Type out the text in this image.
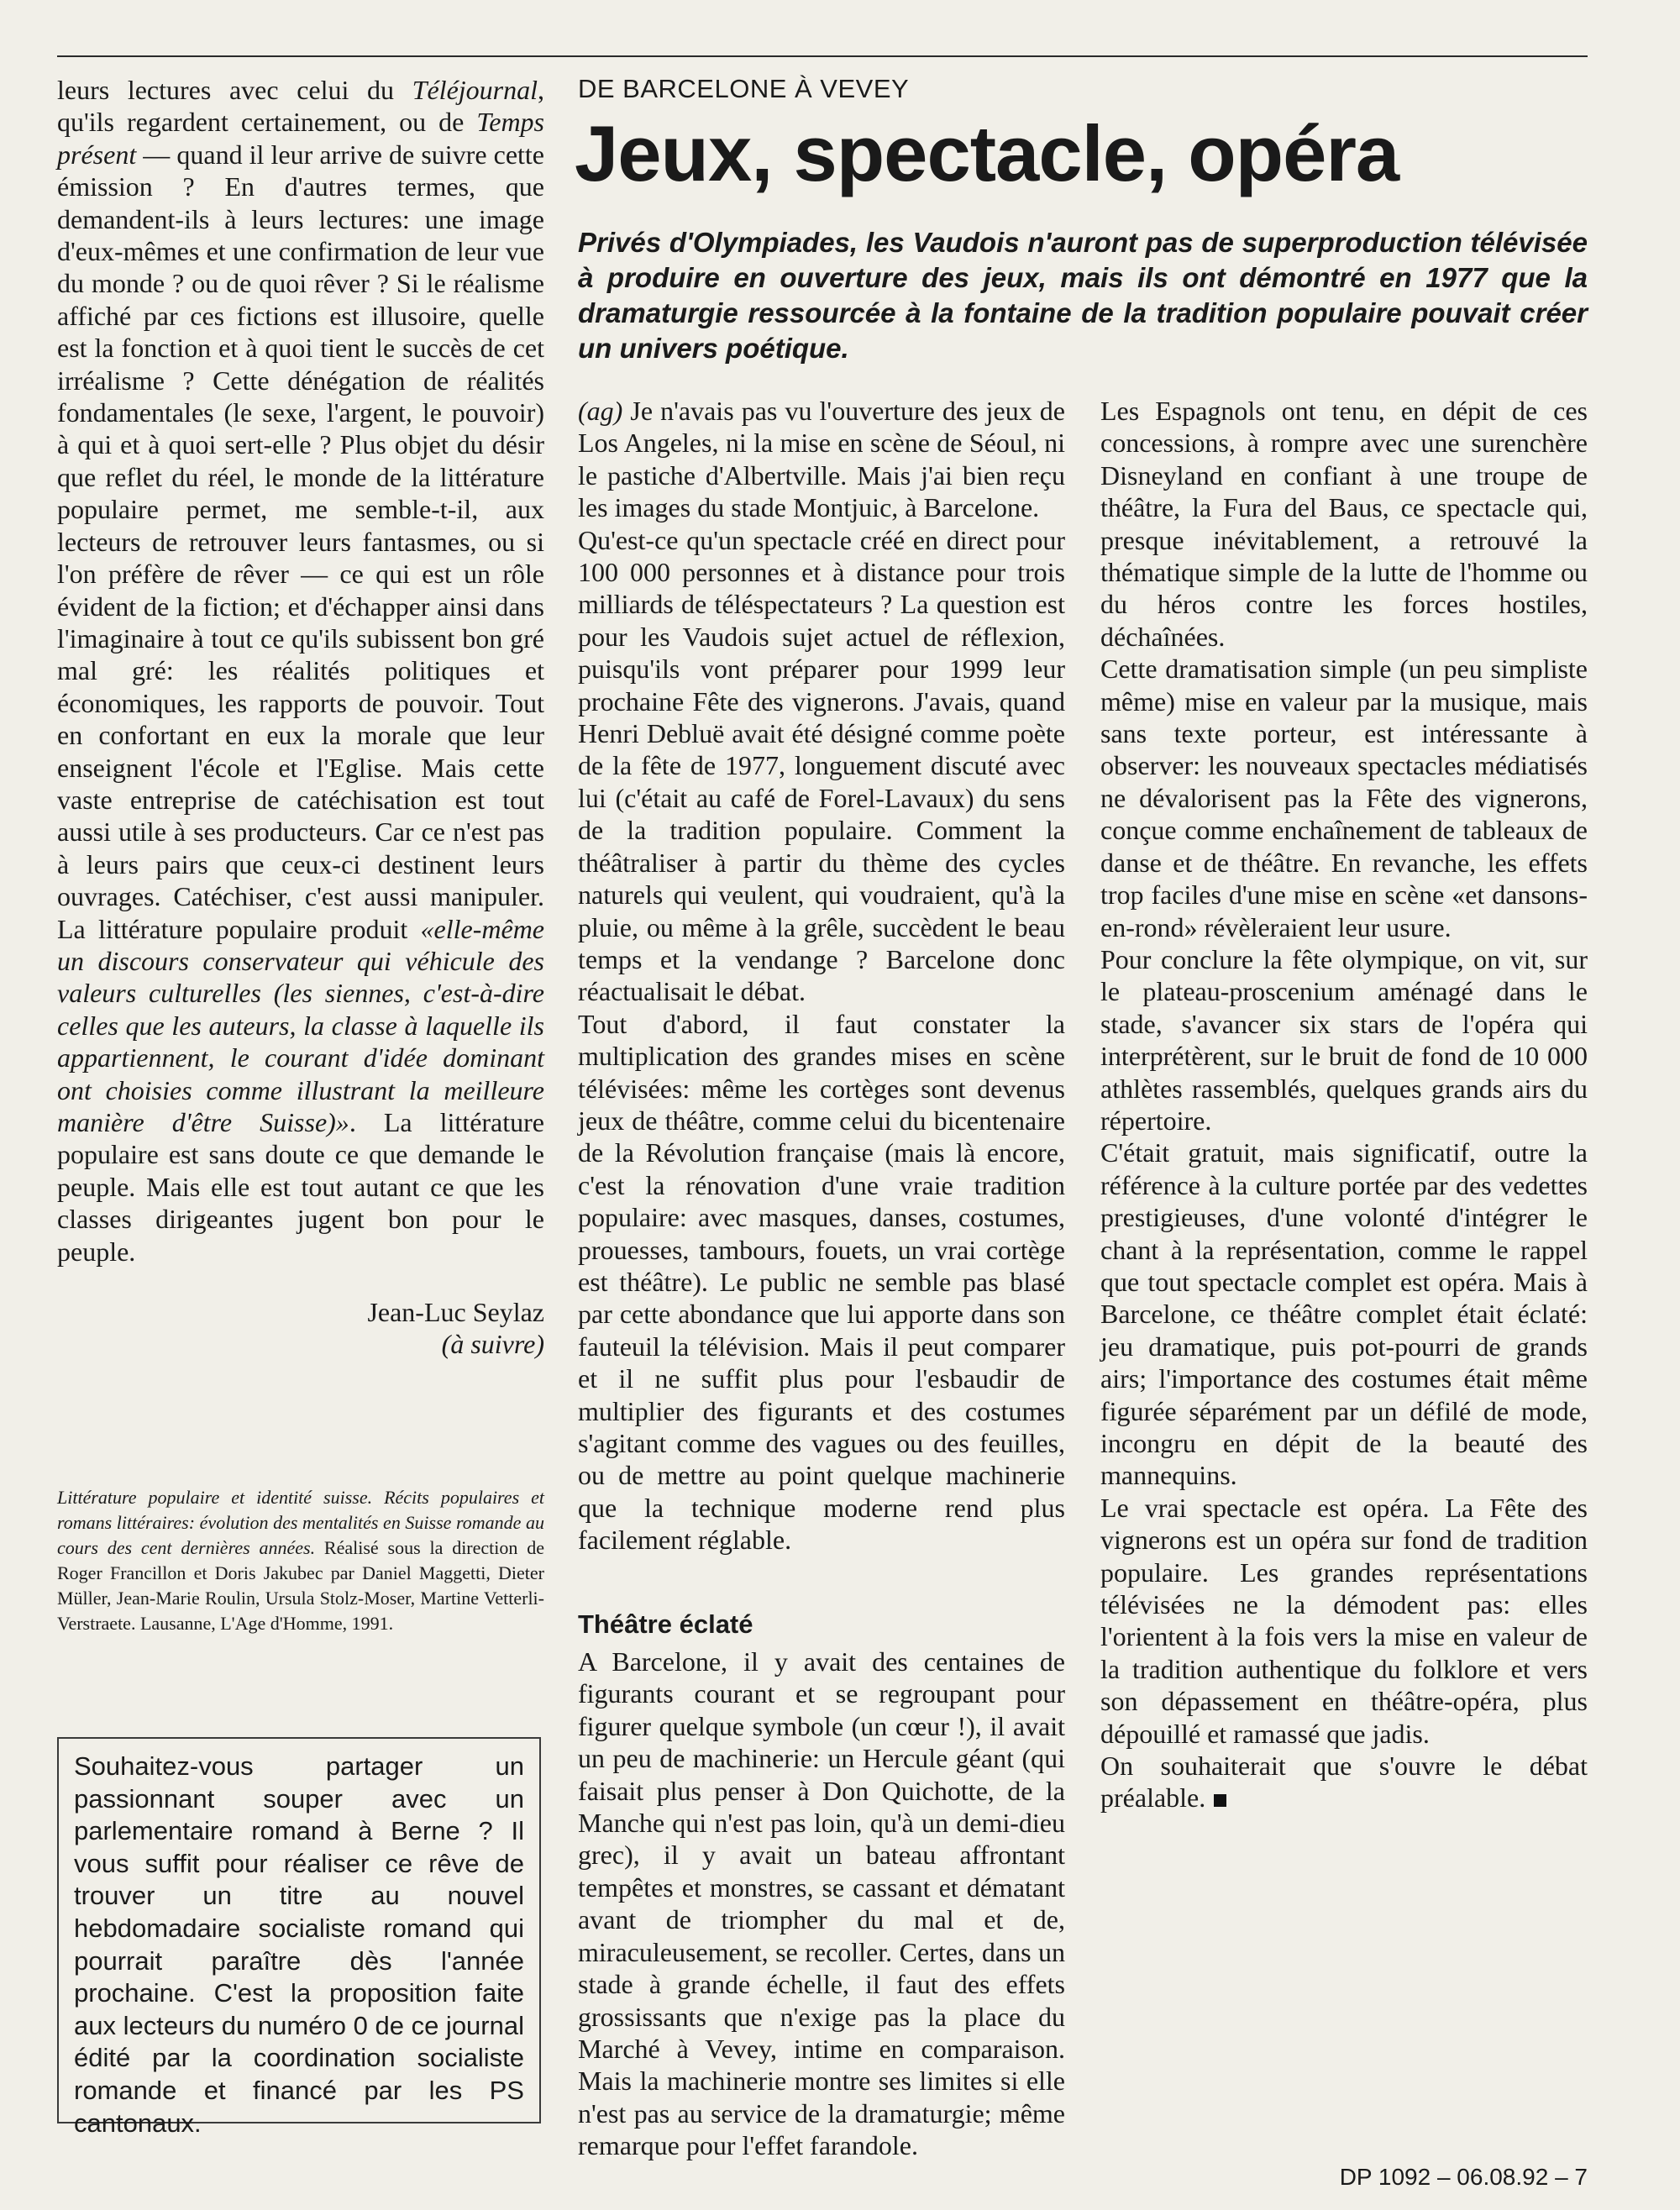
leurs lectures avec celui du Téléjournal, qu'ils regardent certainement, ou de Temps présent — quand il leur arrive de suivre cette émission ? En d'autres termes, que demandent-ils à leurs lectures: une image d'eux-mêmes et une confirmation de leur vue du monde ? ou de quoi rêver ? Si le réalisme affiché par ces fictions est illusoire, quelle est la fonction et à quoi tient le succès de cet irréalisme ? Cette dénégation de réalités fondamentales (le sexe, l'argent, le pouvoir) à qui et à quoi sert-elle ? Plus objet du désir que reflet du réel, le monde de la littérature populaire permet, me semble-t-il, aux lecteurs de retrouver leurs fantasmes, ou si l'on préfère de rêver — ce qui est un rôle évident de la fiction; et d'échapper ainsi dans l'imaginaire à tout ce qu'ils subissent bon gré mal gré: les réalités politiques et économiques, les rapports de pouvoir. Tout en confortant en eux la morale que leur enseignent l'école et l'Eglise. Mais cette vaste entreprise de catéchisation est tout aussi utile à ses producteurs. Car ce n'est pas à leurs pairs que ceux-ci destinent leurs ouvrages. Catéchiser, c'est aussi manipuler. La littérature populaire produit «elle-même un discours conservateur qui véhicule des valeurs culturelles (les siennes, c'est-à-dire celles que les auteurs, la classe à laquelle ils appartiennent, le courant d'idée dominant ont choisies comme illustrant la meilleure manière d'être Suisse)». La littérature populaire est sans doute ce que demande le peuple. Mais elle est tout autant ce que les classes dirigeantes jugent bon pour le peuple.

Jean-Luc Seylaz

(à suivre)

Littérature populaire et identité suisse. Récits populaires et romans littéraires: évolution des mentalités en Suisse romande au cours des cent dernières années. Réalisé sous la direction de Roger Francillon et Doris Jakubec par Daniel Maggetti, Dieter Müller, Jean-Marie Roulin, Ursula Stolz-Moser, Martine Vetterli-Verstraete. Lausanne, L'Age d'Homme, 1991.

Souhaitez-vous partager un passionnant souper avec un parlementaire romand à Berne ? Il vous suffit pour réaliser ce rêve de trouver un titre au nouvel hebdomadaire socialiste romand qui pourrait paraître dès l'année prochaine. C'est la proposition faite aux lecteurs du numéro 0 de ce journal édité par la coordination socialiste romande et financé par les PS cantonaux.

DE BARCELONE À VEVEY
Jeux, spectacle, opéra

Privés d'Olympiades, les Vaudois n'auront pas de superproduction télévisée à produire en ouverture des jeux, mais ils ont démontré en 1977 que la dramaturgie ressourcée à la fontaine de la tradition populaire pouvait créer un univers poétique.

(ag) Je n'avais pas vu l'ouverture des jeux de Los Angeles, ni la mise en scène de Séoul, ni le pastiche d'Albertville. Mais j'ai bien reçu les images du stade Montjuic, à Barcelone.

Qu'est-ce qu'un spectacle créé en direct pour 100 000 personnes et à distance pour trois milliards de téléspectateurs ? La question est pour les Vaudois sujet actuel de réflexion, puisqu'ils vont préparer pour 1999 leur prochaine Fête des vignerons. J'avais, quand Henri Debluë avait été désigné comme poète de la fête de 1977, longuement discuté avec lui (c'était au café de Forel-Lavaux) du sens de la tradition populaire. Comment la théâtraliser à partir du thème des cycles naturels qui veulent, qui voudraient, qu'à la pluie, ou même à la grêle, succèdent le beau temps et la vendange ? Barcelone donc réactualisait le débat.

Tout d'abord, il faut constater la multiplication des grandes mises en scène télévisées: même les cortèges sont devenus jeux de théâtre, comme celui du bicentenaire de la Révolution française (mais là encore, c'est la rénovation d'une vraie tradition populaire: avec masques, danses, costumes, prouesses, tambours, fouets, un vrai cortège est théâtre). Le public ne semble pas blasé par cette abondance que lui apporte dans son fauteuil la télévision. Mais il peut comparer et il ne suffit plus pour l'esbaudir de multiplier des figurants et des costumes s'agitant comme des vagues ou des feuilles, ou de mettre au point quelque machinerie que la technique moderne rend plus facilement réglable.

Théâtre éclaté

A Barcelone, il y avait des centaines de figurants courant et se regroupant pour figurer quelque symbole (un cœur !), il avait un peu de machinerie: un Hercule géant (qui faisait plus penser à Don Quichotte, de la Manche qui n'est pas loin, qu'à un demi-dieu grec), il y avait un bateau affrontant tempêtes et monstres, se cassant et dématant avant de triompher du mal et de, miraculeusement, se recoller. Certes, dans un stade à grande échelle, il faut des effets grossissants que n'exige pas la place du Marché à Vevey, intime en comparaison. Mais la machinerie montre ses limites si elle n'est pas au service de la dramaturgie; même remarque pour l'effet farandole.

Les Espagnols ont tenu, en dépit de ces concessions, à rompre avec une surenchère Disneyland en confiant à une troupe de théâtre, la Fura del Baus, ce spectacle qui, presque inévitablement, a retrouvé la thématique simple de la lutte de l'homme ou du héros contre les forces hostiles, déchaînées.

Cette dramatisation simple (un peu simpliste même) mise en valeur par la musique, mais sans texte porteur, est intéressante à observer: les nouveaux spectacles médiatisés ne dévalorisent pas la Fête des vignerons, conçue comme enchaînement de tableaux de danse et de théâtre. En revanche, les effets trop faciles d'une mise en scène «et dansons-en-rond» révèleraient leur usure.

Pour conclure la fête olympique, on vit, sur le plateau-proscenium aménagé dans le stade, s'avancer six stars de l'opéra qui interprétèrent, sur le bruit de fond de 10 000 athlètes rassemblés, quelques grands airs du répertoire.

C'était gratuit, mais significatif, outre la référence à la culture portée par des vedettes prestigieuses, d'une volonté d'intégrer le chant à la représentation, comme le rappel que tout spectacle complet est opéra. Mais à Barcelone, ce théâtre complet était éclaté: jeu dramatique, puis pot-pourri de grands airs; l'importance des costumes était même figurée séparément par un défilé de mode, incongru en dépit de la beauté des mannequins.

Le vrai spectacle est opéra. La Fête des vignerons est un opéra sur fond de tradition populaire. Les grandes représentations télévisées ne la démodent pas: elles l'orientent à la fois vers la mise en valeur de la tradition authentique du folklore et vers son dépassement en théâtre-opéra, plus dépouillé et ramassé que jadis.

On souhaiterait que s'ouvre le débat préalable.

DP 1092 – 06.08.92 – 7
